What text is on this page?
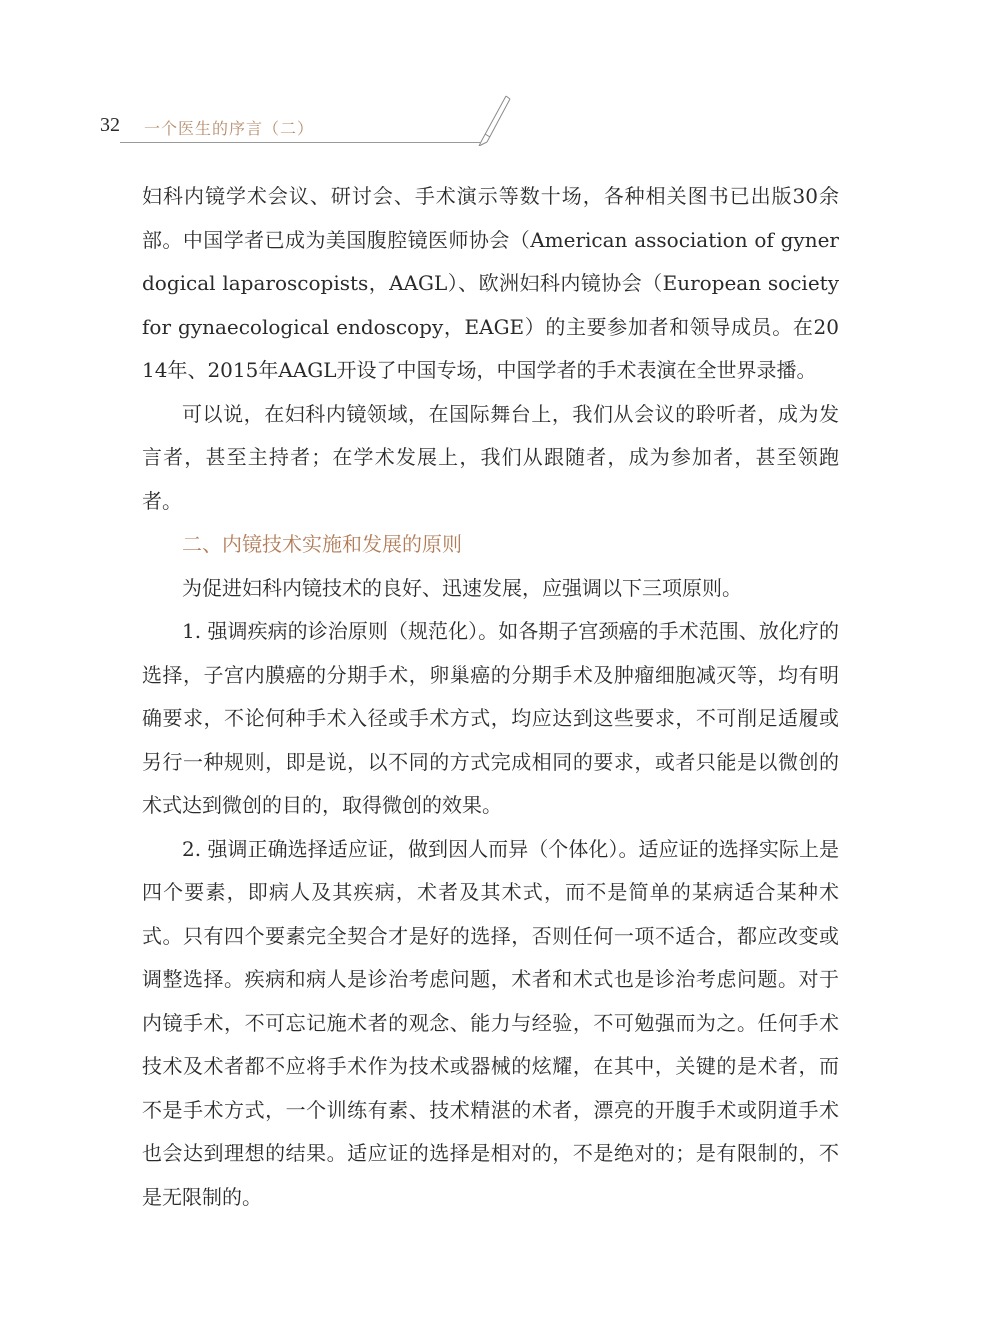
32 一个医生的序言（二）

妇科内镜学术会议、研讨会、手术演示等数十场，各种相关图书已出版30余部。中国学者已成为美国腹腔镜医师协会（American association of gynerdogical laparoscopists，AAGL）、欧洲妇科内镜协会（European society for gynaecological endoscopy，EAGE）的主要参加者和领导成员。在2014年、2015年AAGL开设了中国专场，中国学者的手术表演在全世界录播。

可以说，在妇科内镜领域，在国际舞台上，我们从会议的聆听者，成为发言者，甚至主持者；在学术发展上，我们从跟随者，成为参加者，甚至领跑者。

二、内镜技术实施和发展的原则

为促进妇科内镜技术的良好、迅速发展，应强调以下三项原则。

1. 强调疾病的诊治原则（规范化）。如各期子宫颈癌的手术范围、放化疗的选择，子宫内膜癌的分期手术，卵巢癌的分期手术及肿瘤细胞减灭等，均有明确要求，不论何种手术入径或手术方式，均应达到这些要求，不可削足适履或另行一种规则，即是说，以不同的方式完成相同的要求，或者只能是以微创的术式达到微创的目的，取得微创的效果。

2. 强调正确选择适应证，做到因人而异（个体化）。适应证的选择实际上是四个要素，即病人及其疾病，术者及其术式，而不是简单的某病适合某种术式。只有四个要素完全契合才是好的选择，否则任何一项不适合，都应改变或调整选择。疾病和病人是诊治考虑问题，术者和术式也是诊治考虑问题。对于内镜手术，不可忘记施术者的观念、能力与经验，不可勉强而为之。任何手术技术及术者都不应将手术作为技术或器械的炫耀，在其中，关键的是术者，而不是手术方式，一个训练有素、技术精湛的术者，漂亮的开腹手术或阴道手术也会达到理想的结果。适应证的选择是相对的，不是绝对的；是有限制的，不是无限制的。
